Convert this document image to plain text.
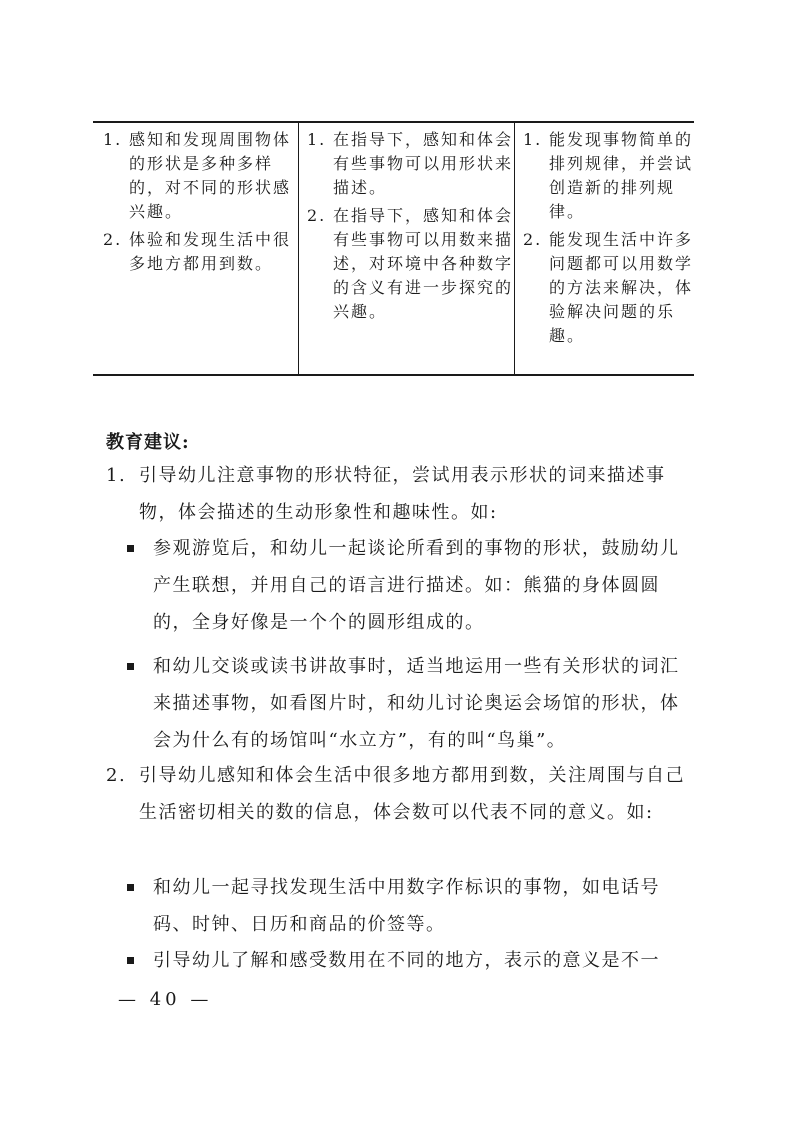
1. 感知和发现周围物体的形状是多种多样的，对不同的形状感兴趣。
2. 体验和发现生活中很多地方都用到数。
1. 在指导下，感知和体会有些事物可以用形状来描述。
2. 在指导下，感知和体会有些事物可以用数来描述，对环境中各种数字的含义有进一步探究的兴趣。
1. 能发现事物简单的排列规律，并尝试创造新的排列规律。
2. 能发现生活中许多问题都可以用数学的方法来解决，体验解决问题的乐趣。
教育建议:
1. 引导幼儿注意事物的形状特征，尝试用表示形状的词来描述事物，体会描述的生动形象性和趣味性。如:
参观游览后，和幼儿一起谈论所看到的事物的形状，鼓励幼儿产生联想，并用自己的语言进行描述。如：熊猫的身体圆圆的，全身好像是一个个的圆形组成的。
和幼儿交谈或读书讲故事时，适当地运用一些有关形状的词汇来描述事物，如看图片时，和幼儿讨论奥运会场馆的形状，体会为什么有的场馆叫“水立方”，有的叫“鸟巢”。
2. 引导幼儿感知和体会生活中很多地方都用到数，关注周围与自己生活密切相关的数的信息，体会数可以代表不同的意义。如:
和幼儿一起寻找发现生活中用数字作标识的事物，如电话号码、时钟、日历和商品的价签等。
引导幼儿了解和感受数用在不同的地方，表示的意义是不一
— 40 —
